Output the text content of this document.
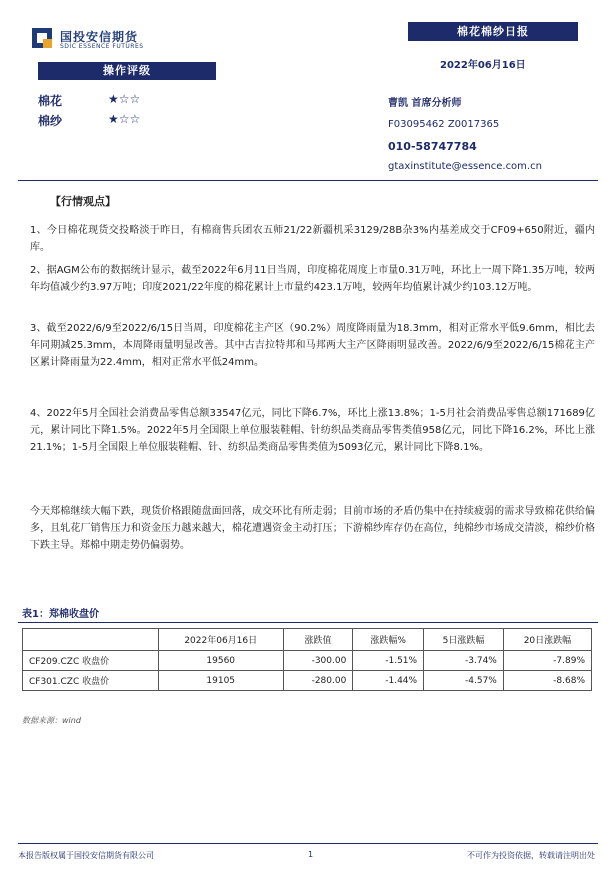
国投安信期货
SDIC ESSENCE FUTURES
棉花棉纱日报
2022年06月16日
操作评级
棉花	★☆☆
棉纱	★☆☆
曹凯 首席分析师
F03095462 Z0017365
010-58747784
gtaxinstitute@essence.com.cn
【行情观点】
1、今日棉花现货交投略淡于昨日，有棉商售兵团农五师21/22新疆机采3129/28B杂3%内基差成交于CF09+650附近，疆内库。
2、据AGM公布的数据统计显示，截至2022年6月11日当周，印度棉花周度上市量0.31万吨，环比上一周下降1.35万吨，较两年均值减少约3.97万吨；印度2021/22年度的棉花累计上市量约423.1万吨，较两年均值累计减少约103.12万吨。
3、截至2022/6/9至2022/6/15日当周，印度棉花主产区（90.2%）周度降雨量为18.3mm，相对正常水平低9.6mm，相比去年同期减25.3mm，本周降雨量明显改善。其中古吉拉特邦和马邦两大主产区降雨明显改善。2022/6/9至2022/6/15棉花主产区累计降雨量为22.4mm，相对正常水平低24mm。
4、2022年5月全国社会消费品零售总额33547亿元，同比下降6.7%，环比上涨13.8%；1-5月社会消费品零售总额171689亿元，累计同比下降1.5%。2022年5月全国限上单位服装鞋帽、针纺织品类商品零售类值958亿元，同比下降16.2%，环比上涨21.1%；1-5月全国限上单位服装鞋帽、针、纺织品类商品零售类值为5093亿元，累计同比下降8.1%。
今天郑棉继续大幅下跌，现货价格跟随盘面回落，成交环比有所走弱；目前市场的矛盾仍集中在持续疲弱的需求导致棉花供给偏多，且轧花厂销售压力和资金压力越来越大，棉花遭遇资金主动打压；下游棉纱库存仍在高位，纯棉纱市场成交清淡，棉纱价格下跌主导。郑棉中期走势仍偏弱势。
表1：郑棉收盘价
	2022年06月16日	涨跌值	涨跌幅%	5日涨跌幅	20日涨跌幅
CF209.CZC 收盘价	19560	-300.00	-1.51%	-3.74%	-7.89%
CF301.CZC 收盘价	19105	-280.00	-1.44%	-4.57%	-8.68%
数据来源：wind
本报告版权属于国投安信期货有限公司	1	不可作为投资依据，转载请注明出处
